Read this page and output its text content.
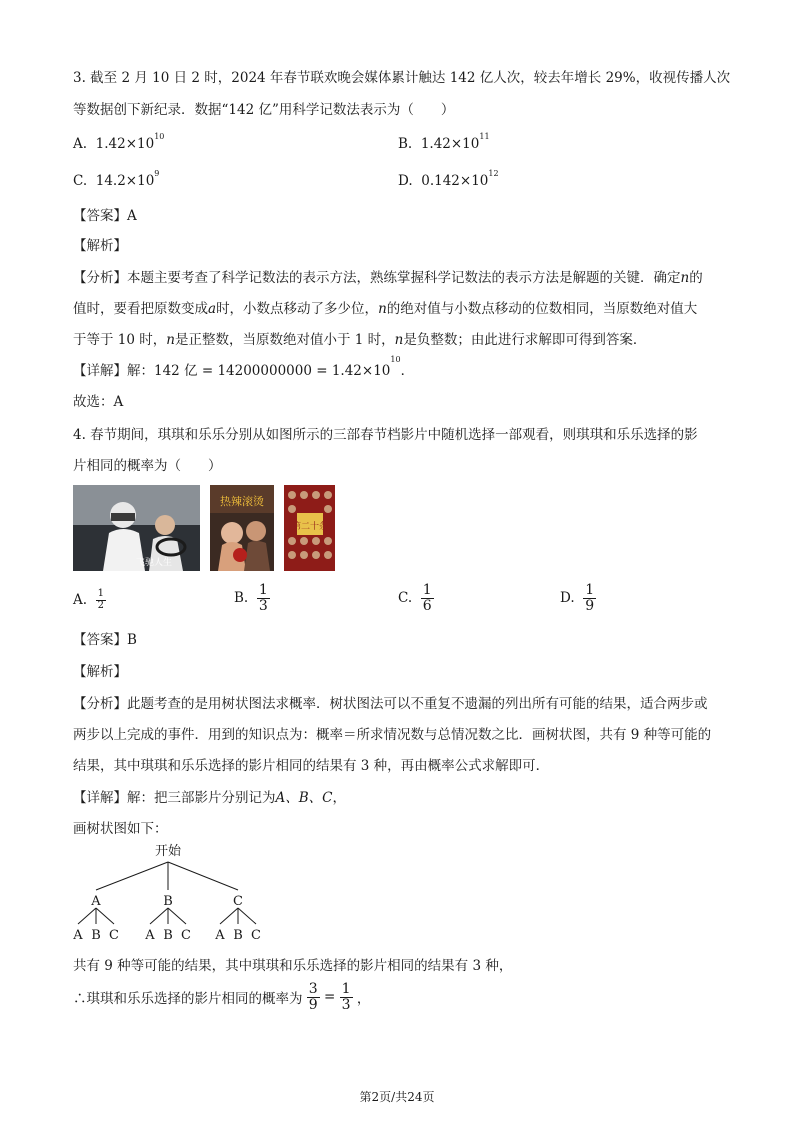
3. 截至 2 月 10 日 2 时，2024 年春节联欢晚会媒体累计触达 142 亿人次，较去年增长 29%，收视传播人次
等数据创下新纪录．数据“142 亿”用科学记数法表示为（　　）
A. $1.42\times 10^{10}$	B. $1.42\times 10^{11}$
C. $14.2\times 10^9$	D. $0.142\times 10^{12}$
【答案】A
【解析】
【分析】本题主要考查了科学记数法的表示方法，熟练掌握科学记数法的表示方法是解题的关键．确定n的
值时，要看把原数变成a时，小数点移动了多少位，n的绝对值与小数点移动的位数相同，当原数绝对值大
于等于 10 时，n是正整数，当原数绝对值小于 1 时，n是负整数；由此进行求解即可得到答案．
【详解】解：142 亿 = $14200000000 = 1.42\times 10^{10}$．
故选：A
4. 春节期间，琪琪和乐乐分别从如图所示的三部春节档影片中随机选择一部观看，则琪琪和乐乐选择的影
片相同的概率为（　　）
飞驰人生
热辣滚烫
第二十条
A. $\frac{1}{2}$	B. $\frac{1}{3}$	C. $\frac{1}{6}$	D. $\frac{1}{9}$
【答案】B
【解析】
【分析】此题考查的是用树状图法求概率．树状图法可以不重复不遗漏的列出所有可能的结果，适合两步或
两步以上完成的事件．用到的知识点为：概率＝所求情况数与总情况数之比．画树状图，共有 9 种等可能的
结果，其中琪琪和乐乐选择的影片相同的结果有 3 种，再由概率公式求解即可．
【详解】解：把三部影片分别记为A、B、C，
画树状图如下：
开始
A	B	C
A B C A B C A B C
共有 9 种等可能的结果，其中琪琪和乐乐选择的影片相同的结果有 3 种，
∴琪琪和乐乐选择的影片相同的概率为 $\frac{3}{9} = \frac{1}{3}$ ，
第2页/共24页
